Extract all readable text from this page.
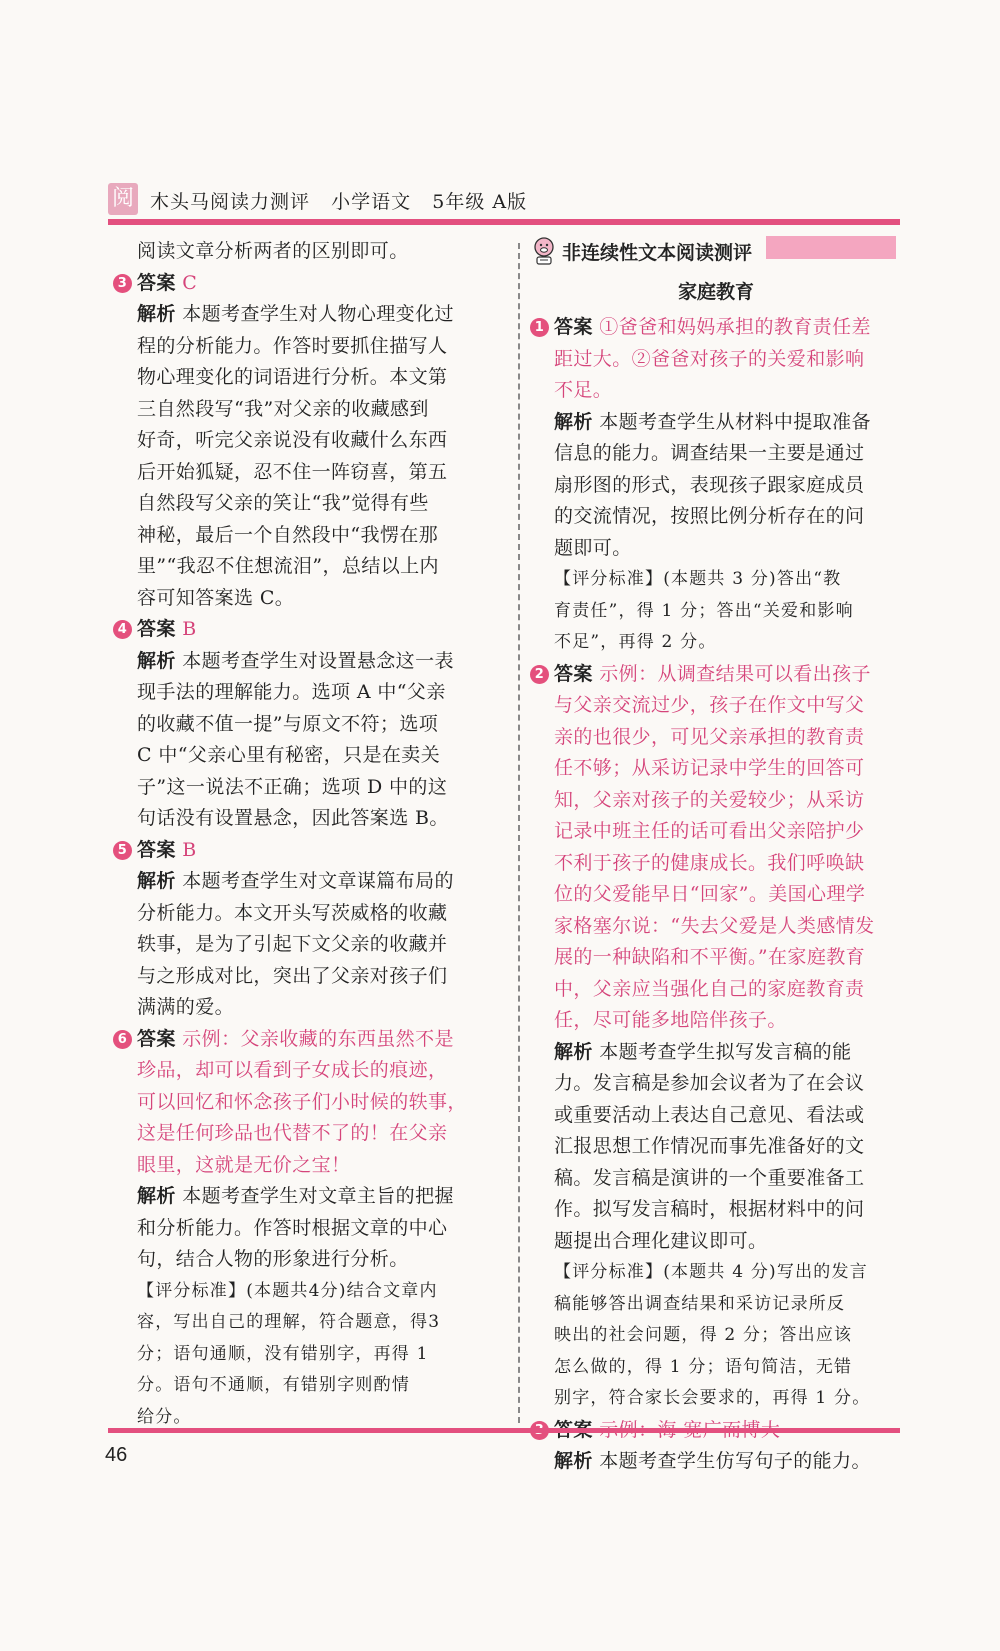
阅 木头马阅读力测评   小学语文   5年级 A版
阅读文章分析两者的区别即可。
3 答案 C
解析 本题考查学生对人物心理变化过
程的分析能力。作答时要抓住描写人
物心理变化的词语进行分析。本文第
三自然段写“我”对父亲的收藏感到
好奇，听完父亲说没有收藏什么东西
后开始狐疑，忍不住一阵窃喜，第五
自然段写父亲的笑让“我”觉得有些
神秘，最后一个自然段中“我愣在那
里”“我忍不住想流泪”，总结以上内
容可知答案选 C。
4 答案 B
解析 本题考查学生对设置悬念这一表
现手法的理解能力。选项 A 中“父亲
的收藏不值一提”与原文不符；选项
C 中“父亲心里有秘密，只是在卖关
子”这一说法不正确；选项 D 中的这
句话没有设置悬念，因此答案选 B。
5 答案 B
解析 本题考查学生对文章谋篇布局的
分析能力。本文开头写茨威格的收藏
轶事，是为了引起下文父亲的收藏并
与之形成对比，突出了父亲对孩子们
满满的爱。
6 答案 示例：父亲收藏的东西虽然不是
珍品，却可以看到子女成长的痕迹，
可以回忆和怀念孩子们小时候的轶事，
这是任何珍品也代替不了的！在父亲
眼里，这就是无价之宝！
解析 本题考查学生对文章主旨的把握
和分析能力。作答时根据文章的中心
句，结合人物的形象进行分析。
【评分标准】(本题共4分)结合文章内
容，写出自己的理解，符合题意，得3
分；语句通顺，没有错别字，再得 1
分。语句不通顺，有错别字则酌情
给分。
非连续性文本阅读测评
家庭教育
1 答案 ①爸爸和妈妈承担的教育责任差
距过大。②爸爸对孩子的关爱和影响
不足。
解析 本题考查学生从材料中提取准备
信息的能力。调查结果一主要是通过
扇形图的形式，表现孩子跟家庭成员
的交流情况，按照比例分析存在的问
题即可。
【评分标准】(本题共 3 分)答出“教
育责任”，得 1 分；答出“关爱和影响
不足”，再得 2 分。
2 答案 示例：从调查结果可以看出孩子
与父亲交流过少，孩子在作文中写父
亲的也很少，可见父亲承担的教育责
任不够；从采访记录中学生的回答可
知，父亲对孩子的关爱较少；从采访
记录中班主任的话可看出父亲陪护少
不利于孩子的健康成长。我们呼唤缺
位的父爱能早日“回家”。美国心理学
家格塞尔说：“失去父爱是人类感情发
展的一种缺陷和不平衡。”在家庭教育
中，父亲应当强化自己的家庭教育责
任，尽可能多地陪伴孩子。
解析 本题考查学生拟写发言稿的能
力。发言稿是参加会议者为了在会议
或重要活动上表达自己意见、看法或
汇报思想工作情况而事先准备好的文
稿。发言稿是演讲的一个重要准备工
作。拟写发言稿时，根据材料中的问
题提出合理化建议即可。
【评分标准】(本题共 4 分)写出的发言
稿能够答出调查结果和采访记录所反
映出的社会问题，得 2 分；答出应该
怎么做的，得 1 分；语句简洁，无错
别字，符合家长会要求的，再得 1 分。
解析 本题考查学生仿写句子的能力。
46
